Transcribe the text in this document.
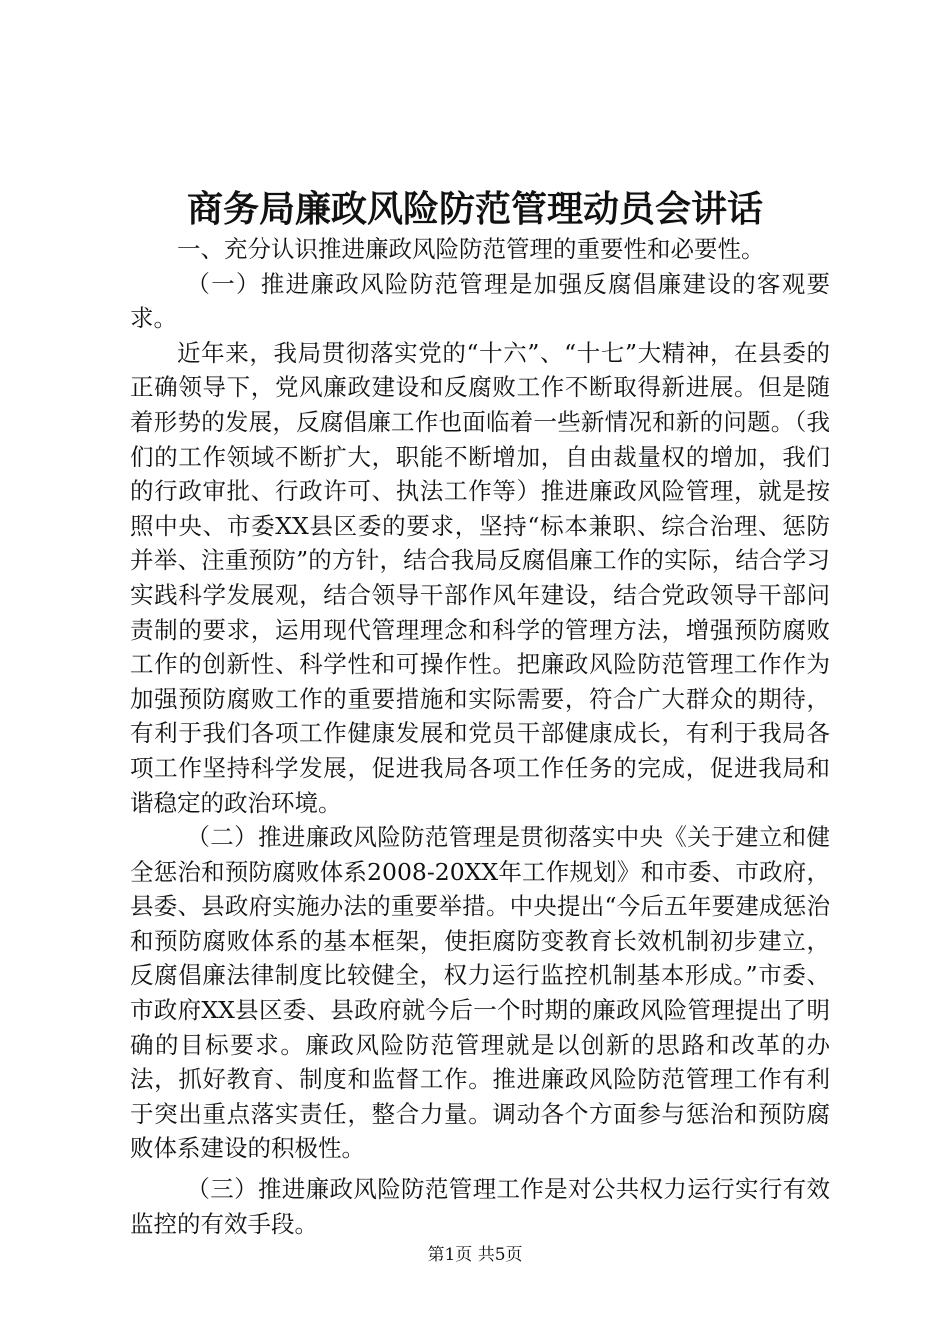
商务局廉政风险防范管理动员会讲话

一、充分认识推进廉政风险防范管理的重要性和必要性。

（一）推进廉政风险防范管理是加强反腐倡廉建设的客观要求。

近年来，我局贯彻落实党的“十六”、“十七”大精神，在县委的正确领导下，党风廉政建设和反腐败工作不断取得新进展。但是随着形势的发展，反腐倡廉工作也面临着一些新情况和新的问题。（我们的工作领域不断扩大，职能不断增加，自由裁量权的增加，我们的行政审批、行政许可、执法工作等）推进廉政风险管理，就是按照中央、市委XX县区委的要求，坚持“标本兼职、综合治理、惩防并举、注重预防”的方针，结合我局反腐倡廉工作的实际，结合学习实践科学发展观，结合领导干部作风年建设，结合党政领导干部问责制的要求，运用现代管理理念和科学的管理方法，增强预防腐败工作的创新性、科学性和可操作性。把廉政风险防范管理工作作为加强预防腐败工作的重要措施和实际需要，符合广大群众的期待，有利于我们各项工作健康发展和党员干部健康成长，有利于我局各项工作坚持科学发展，促进我局各项工作任务的完成，促进我局和谐稳定的政治环境。

（二）推进廉政风险防范管理是贯彻落实中央《关于建立和健全惩治和预防腐败体系2008-20XX年工作规划》和市委、市政府，县委、县政府实施办法的重要举措。中央提出“今后五年要建成惩治和预防腐败体系的基本框架，使拒腐防变教育长效机制初步建立，反腐倡廉法律制度比较健全，权力运行监控机制基本形成。”市委、市政府XX县区委、县政府就今后一个时期的廉政风险管理提出了明确的目标要求。廉政风险防范管理就是以创新的思路和改革的办法，抓好教育、制度和监督工作。推进廉政风险防范管理工作有利于突出重点落实责任，整合力量。调动各个方面参与惩治和预防腐败体系建设的积极性。

（三）推进廉政风险防范管理工作是对公共权力运行实行有效监控的有效手段。

第1页 共5页
